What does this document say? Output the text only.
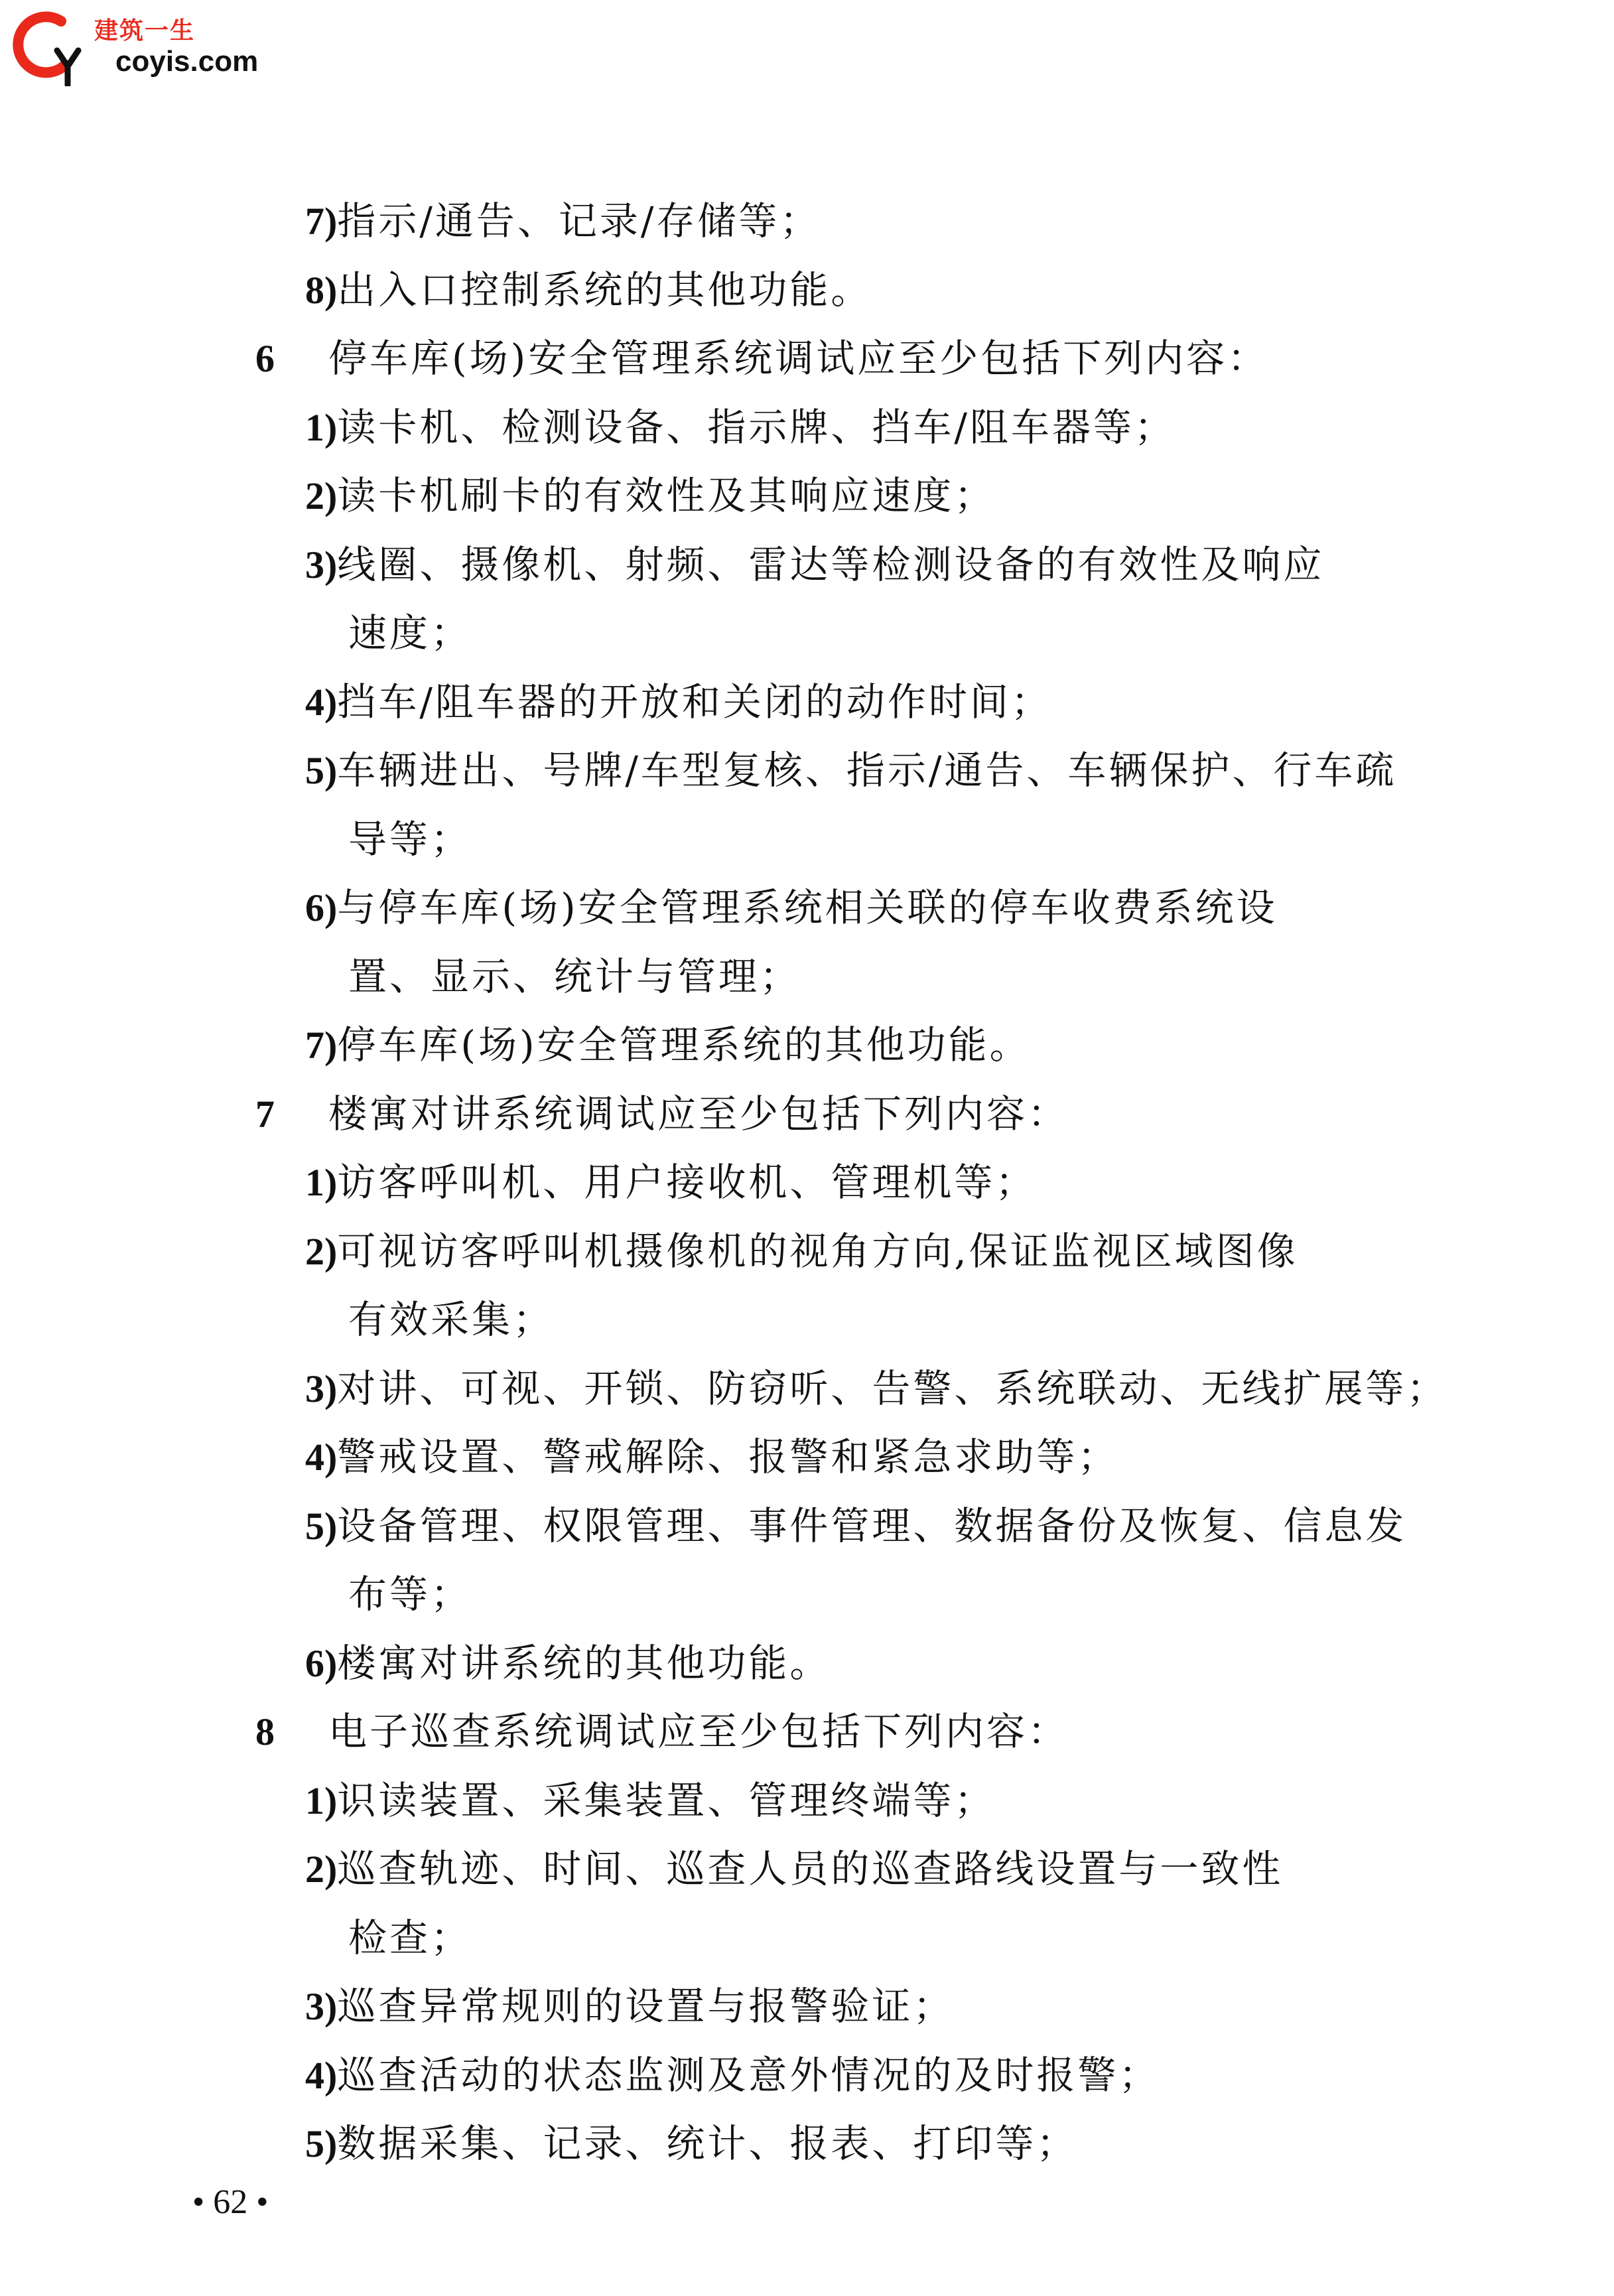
建筑一生
coyis.com
7)指示/通告、记录/存储等；
8)出入口控制系统的其他功能。
6 停车库(场)安全管理系统调试应至少包括下列内容：
1)读卡机、检测设备、指示牌、挡车/阻车器等；
2)读卡机刷卡的有效性及其响应速度；
3)线圈、摄像机、射频、雷达等检测设备的有效性及响应
速度；
4)挡车/阻车器的开放和关闭的动作时间；
5)车辆进出、号牌/车型复核、指示/通告、车辆保护、行车疏
导等；
6)与停车库(场)安全管理系统相关联的停车收费系统设
置、显示、统计与管理；
7)停车库(场)安全管理系统的其他功能。
7 楼寓对讲系统调试应至少包括下列内容：
1)访客呼叫机、用户接收机、管理机等；
2)可视访客呼叫机摄像机的视角方向,保证监视区域图像
有效采集；
3)对讲、可视、开锁、防窃听、告警、系统联动、无线扩展等；
4)警戒设置、警戒解除、报警和紧急求助等；
5)设备管理、权限管理、事件管理、数据备份及恢复、信息发
布等；
6)楼寓对讲系统的其他功能。
8 电子巡查系统调试应至少包括下列内容：
1)识读装置、采集装置、管理终端等；
2)巡查轨迹、时间、巡查人员的巡查路线设置与一致性
检查；
3)巡查异常规则的设置与报警验证；
4)巡查活动的状态监测及意外情况的及时报警；
5)数据采集、记录、统计、报表、打印等；
• 62 •
